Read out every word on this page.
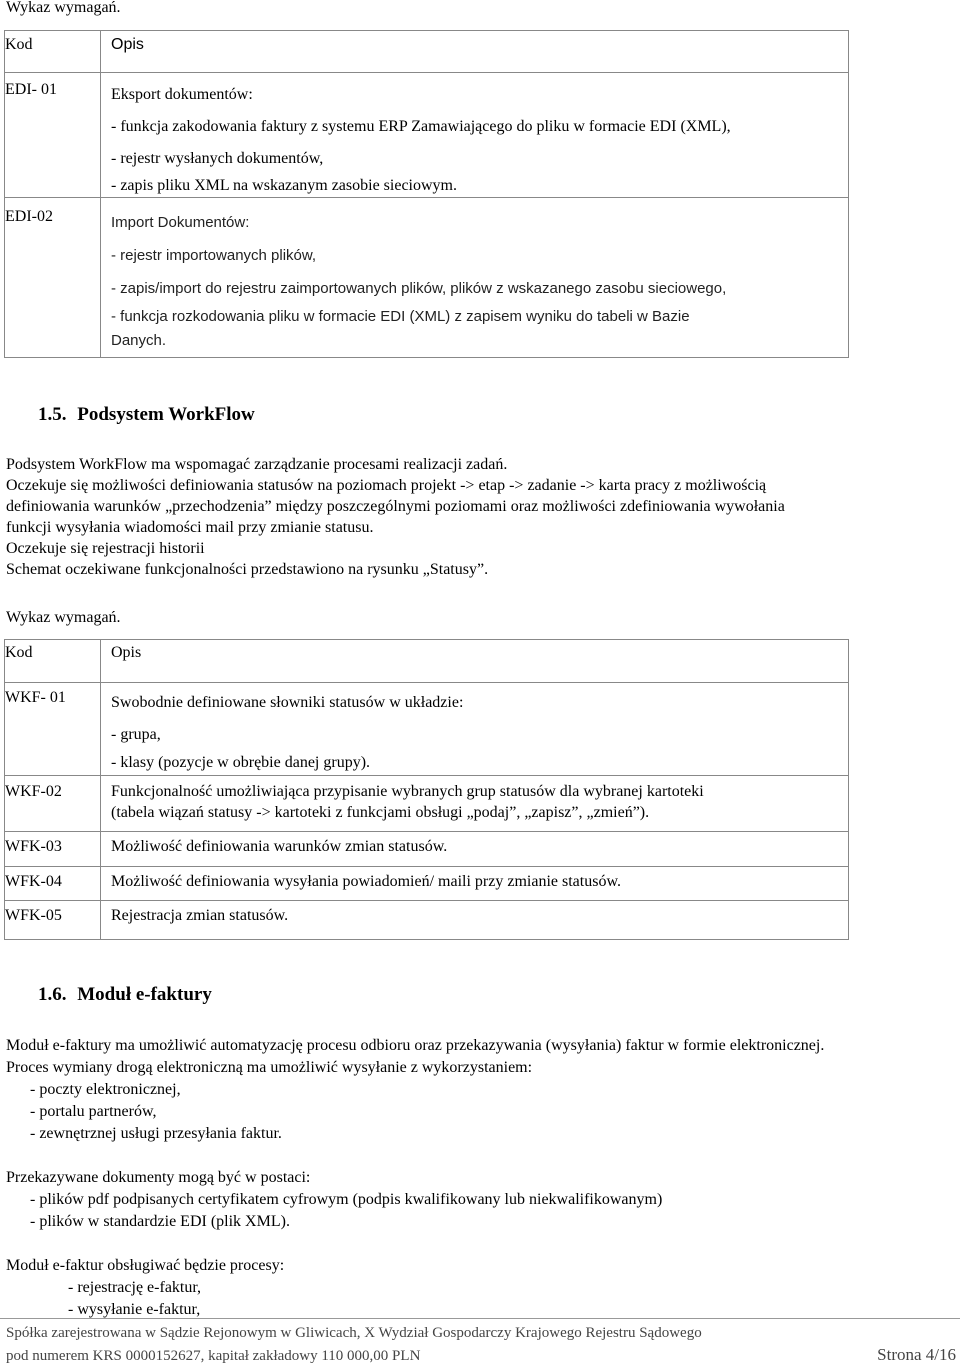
Wykaz wymagań.
Kod	Opis
EDI- 01	Eksport dokumentów:
- funkcja zakodowania faktury z systemu ERP Zamawiającego do pliku w formacie EDI (XML),
- rejestr wysłanych dokumentów,
- zapis pliku XML na wskazanym zasobie sieciowym.

EDI-02	Import Dokumentów:
- rejestr importowanych plików,
- zapis/import do rejestru zaimportowanych plików, plików z wskazanego zasobu sieciowego,
- funkcja rozkodowania pliku w formacie EDI (XML) z zapisem wyniku do tabeli w Bazie
Danych.
1.5. Podsystem WorkFlow
Podsystem WorkFlow ma wspomagać zarządzanie procesami realizacji zadań.
Oczekuje się możliwości definiowania statusów na poziomach projekt -> etap -> zadanie -> karta pracy z możliwością
definiowania warunków „przechodzenia” między poszczególnymi poziomami oraz możliwości zdefiniowania wywołania
funkcji wysyłania wiadomości mail przy zmianie statusu.
Oczekuje się rejestracji historii
Schemat oczekiwane funkcjonalności przedstawiono na rysunku „Statusy”.
Wykaz wymagań.
Kod	Opis
WKF- 01	Swobodnie definiowane słowniki statusów w układzie:
- grupa,
- klasy (pozycje w obrębie danej grupy).

WKF-02	Funkcjonalność umożliwiająca przypisanie wybranych grup statusów dla wybranej kartoteki
(tabela wiązań statusy -> kartoteki z funkcjami obsługi „podaj”, „zapisz”, „zmień”).

WFK-03	Możliwość definiowania warunków zmian statusów.

WFK-04	Możliwość definiowania wysyłania powiadomień/ maili przy zmianie statusów.

WFK-05	Rejestracja zmian statusów.
1.6. Moduł e-faktury
Moduł e-faktury ma umożliwić automatyzację procesu odbioru oraz przekazywania (wysyłania) faktur w formie elektronicznej.
Proces wymiany drogą elektroniczną ma umożliwić wysyłanie z wykorzystaniem:
- poczty elektronicznej,
- portalu partnerów,
- zewnętrznej usługi przesyłania faktur.
Przekazywane dokumenty mogą być w postaci:
- plików pdf podpisanych certyfikatem cyfrowym (podpis kwalifikowany lub niekwalifikowanym)
- plików w standardzie EDI (plik XML).
Moduł e-faktur obsługiwać będzie procesy:
- rejestrację e-faktur,
- wysyłanie e-faktur,
Spółka zarejestrowana w Sądzie Rejonowym w Gliwicach, X Wydział Gospodarczy Krajowego Rejestru Sądowego
pod numerem KRS 0000152627, kapitał zakładowy 110 000,00 PLN	Strona 4/16
